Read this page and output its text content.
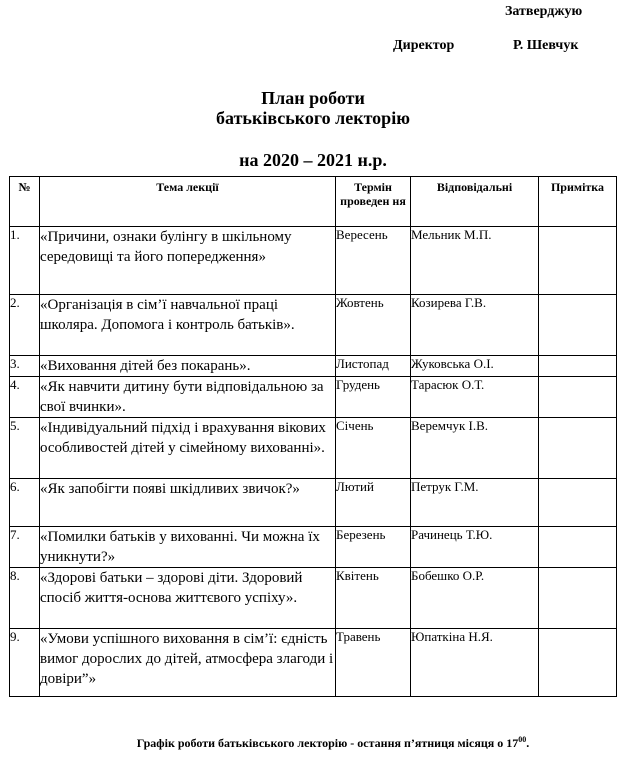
Затверджую
Директор	Р. Шевчук
План роботи
батьківського лекторію
на 2020 – 2021 н.р.
№	Тема лекції	Термін проведен ня	Відповідальні	Примітка
1.	«Причини, ознаки булінгу в шкільному середовищі та його попередження»	Вересень	Мельник М.П.	
2.	«Організація в сім’ї навчальної праці школяра. Допомога і контроль батьків».	Жовтень	Козирева Г.В.	
3.	«Виховання дітей без покарань».	Листопад	Жуковська О.І.	
4.	«Як навчити дитину бути відповідальною за свої вчинки».	Грудень	Тарасюк О.Т.	
5.	«Індивідуальний підхід і врахування вікових особливостей дітей у сімейному вихованні».	Січень	Веремчук І.В.	
6.	«Як запобігти появі шкідливих звичок?»	Лютий	Петрук Г.М.	
7.	«Помилки батьків у вихованні. Чи можна їх уникнути?»	Березень	Рачинець Т.Ю.	
8.	«Здорові батьки – здорові діти. Здоровий спосіб життя-основа життєвого успіху».	Квітень	Бобешко О.Р.	
9.	«Умови успішного виховання в сім’ї: єдність вимог дорослих до дітей, атмосфера злагоди і довіри”»	Травень	Юпаткіна Н.Я.	
Графік роботи батьківського лекторію - остання п’ятниця місяця о $17^{00}$.
